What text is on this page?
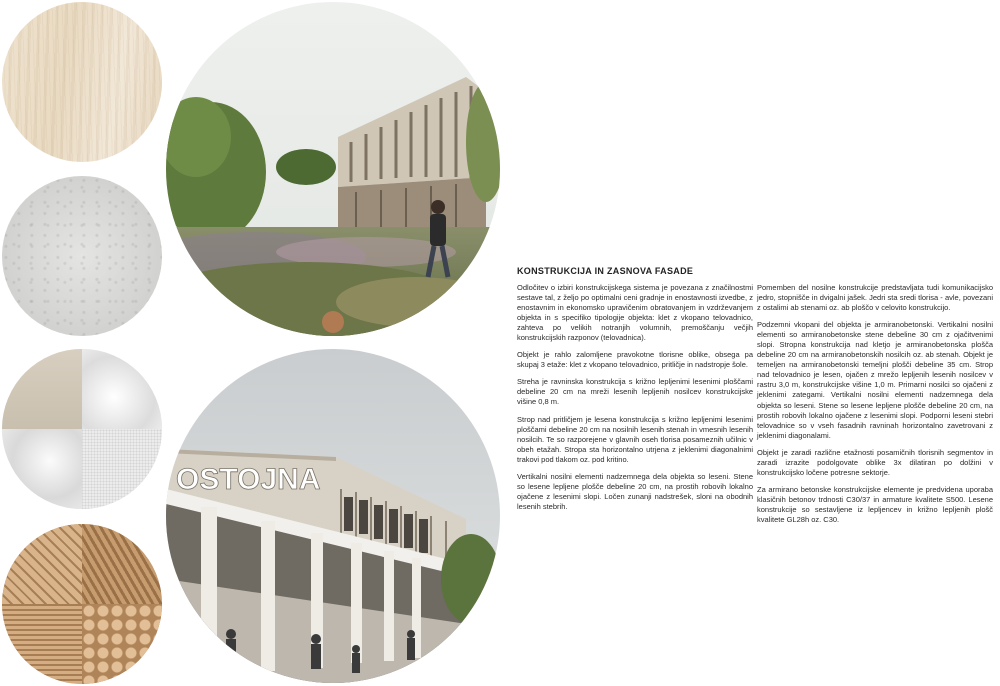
OSTOJNA
KONSTRUKCIJA IN ZASNOVA FASADE

Odločitev o izbiri konstrukcijskega sistema je povezana z značilnostmi sestave tal, z željo po optimalni ceni gradnje in enostavnosti izvedbe, z enostavnim in ekonomsko upravičenim obratovanjem in vzdrževanjem objekta in s specifiko tipologije objekta: klet z vkopano telovadnico, zahteva po velikih notranjih volumnih, premoščanju večjih konstrukcijskih razponov (telovadnica).

Objekt je rahlo zalomljene pravokotne tlorisne oblike, obsega pa skupaj 3 etaže: klet z vkopano telovadnico, pritličje in nadstropje šole.

Streha je ravninska konstrukcija s križno lepljenimi lesenimi ploščami debeline 20 cm na mreži lesenih lepljenih nosilcev konstrukcijske višine 0,8 m.

Strop nad pritličjem je lesena konstrukcija s križno lepljenimi lesenimi ploščami debeline 20 cm na nosilnih lesenih stenah in vmesnih lesenih nosilcih. Te so razporejene v glavnih oseh tlorisa posameznih učilnic v obeh etažah. Stropa sta horizontalno utrjena z jeklenimi diagonalnimi trakovi pod tlakom oz. pod kritino.

Vertikalni nosilni elementi nadzemnega dela objekta so leseni. Stene so lesene lepljene plošče debeline 20 cm, na prostih robovih lokalno ojačene z lesenimi slopi. Ločen zunanji nadstrešek, sloni na obodnih lesenih stebrih.

Pomemben del nosilne konstrukcije predstavljata tudi komunikacijsko jedro, stopnišče in dvigalni jašek. Jedri sta sredi tlorisa - avle, povezani z ostalimi ab stenami oz. ab ploščo v celovito konstrukcijo.

Podzemni vkopani del objekta je armiranobetonski. Vertikalni nosilni elementi so armiranobetonske stene debeline 30 cm z ojačitvenimi slopi. Stropna konstrukcija nad kletjo je armiranobetonska plošča debeline 20 cm na armiranobetonskih nosilcih oz. ab stenah. Objekt je temeljen na armiranobetonski temeljni plošči debeline 35 cm. Strop nad telovadnico je lesen, ojačen z mrežo lepljenih lesenih nosilcev v rastru 3,0 m, konstrukcijske višine 1,0 m. Primarni nosilci so ojačeni z jeklenimi zategami. Vertikalni nosilni elementi nadzemnega dela objekta so leseni. Stene so lesene lepljene plošče debeline 20 cm, na prostih robovih lokalno ojačene z lesenimi slopi. Podporni leseni stebri telovadnice so v vseh fasadnih ravninah horizontalno zavetrovani z jeklenimi diagonalami.

Objekt je zaradi različne etažnosti posamičnih tlorisnih segmentov in zaradi izrazite podolgovate oblike 3x dilatiran po dolžini v konstrukcijsko ločene potresne sektorje.

Za armirano betonske konstrukcijske elemente je predvidena uporaba klasičnih betonov trdnosti C30/37 in armature kvalitete S500. Lesene konstrukcije so sestavljene iz lepljencev in križno lepljenih plošč kvalitete GL28h oz. C30.
